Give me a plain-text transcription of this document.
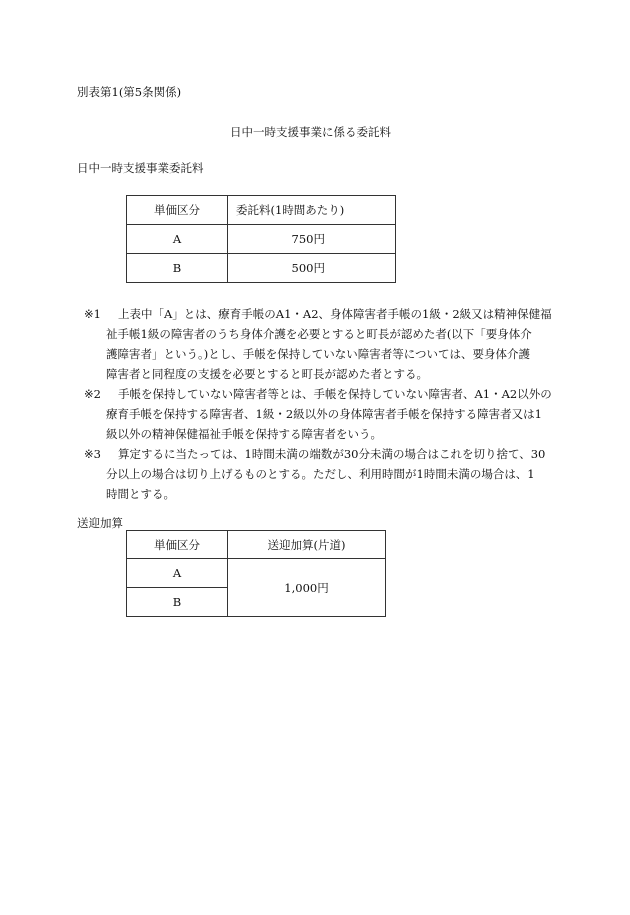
別表第1(第5条関係)
日中一時支援事業に係る委託料
日中一時支援事業委託料
単価区分	委託料(1時間あたり)
A	750円
B	500円
※1	上表中「A」とは、療育手帳のA1・A2、身体障害者手帳の1級・2級又は精神保健福
祉手帳1級の障害者のうち身体介護を必要とすると町長が認めた者(以下「要身体介
護障害者」という。)とし、手帳を保持していない障害者等については、要身体介護
障害者と同程度の支援を必要とすると町長が認めた者とする。
※2	手帳を保持していない障害者等とは、手帳を保持していない障害者、A1・A2以外の
療育手帳を保持する障害者、1級・2級以外の身体障害者手帳を保持する障害者又は1
級以外の精神保健福祉手帳を保持する障害者をいう。
※3	算定するに当たっては、1時間未満の端数が30分未満の場合はこれを切り捨て、30
分以上の場合は切り上げるものとする。ただし、利用時間が1時間未満の場合は、1
時間とする。
送迎加算
単価区分	送迎加算(片道)
A	1,000円
B	
